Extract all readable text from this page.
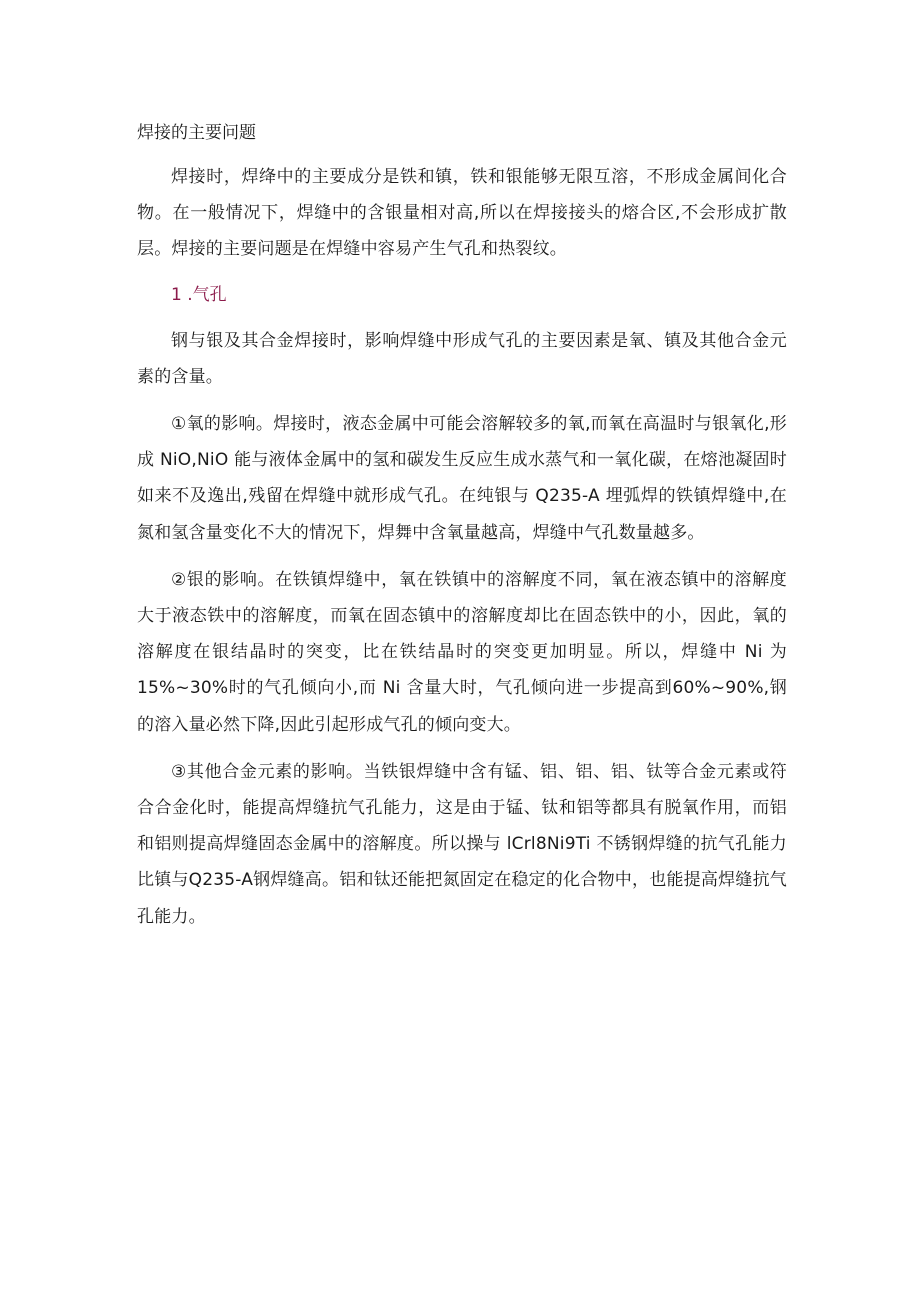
焊接的主要问题

焊接时，焊绛中的主要成分是铁和镇，铁和银能够无限互溶，不形成金属间化合物。在一般情况下，焊缝中的含银量相对高,所以在焊接接头的熔合区,不会形成扩散层。焊接的主要问题是在焊缝中容易产生气孔和热裂纹。

1 .气孔

钢与银及其合金焊接时，影响焊缝中形成气孔的主要因素是氧、镇及其他合金元素的含量。

①氧的影响。焊接时，液态金属中可能会溶解较多的氧,而氧在高温时与银氧化,形成 NiO,NiO 能与液体金属中的氢和碳发生反应生成水蒸气和一氧化碳，在熔池凝固时如来不及逸出,残留在焊缝中就形成气孔。在纯银与 Q235-A 埋弧焊的铁镇焊缝中,在氮和氢含量变化不大的情况下，焊舞中含氧量越高，焊缝中气孔数量越多。

②银的影响。在铁镇焊缝中，氧在铁镇中的溶解度不同，氧在液态镇中的溶解度大于液态铁中的溶解度，而氧在固态镇中的溶解度却比在固态铁中的小，因此，氧的溶解度在银结晶时的突变，比在铁结晶时的突变更加明显。所以，焊缝中 Ni 为 15%~30%时的气孔倾向小,而 Ni 含量大时，气孔倾向进一步提高到60%~90%,钢的溶入量必然下降,因此引起形成气孔的倾向变大。

③其他合金元素的影响。当铁银焊缝中含有锰、铝、铝、铝、钛等合金元素或符合合金化时，能提高焊缝抗气孔能力，这是由于锰、钛和铝等都具有脱氧作用，而铝和铝则提高焊缝固态金属中的溶解度。所以操与 lCrl8Ni9Ti 不锈钢焊缝的抗气孔能力比镇与Q235-A钢焊缝高。铝和钛还能把氮固定在稳定的化合物中，也能提高焊缝抗气孔能力。
